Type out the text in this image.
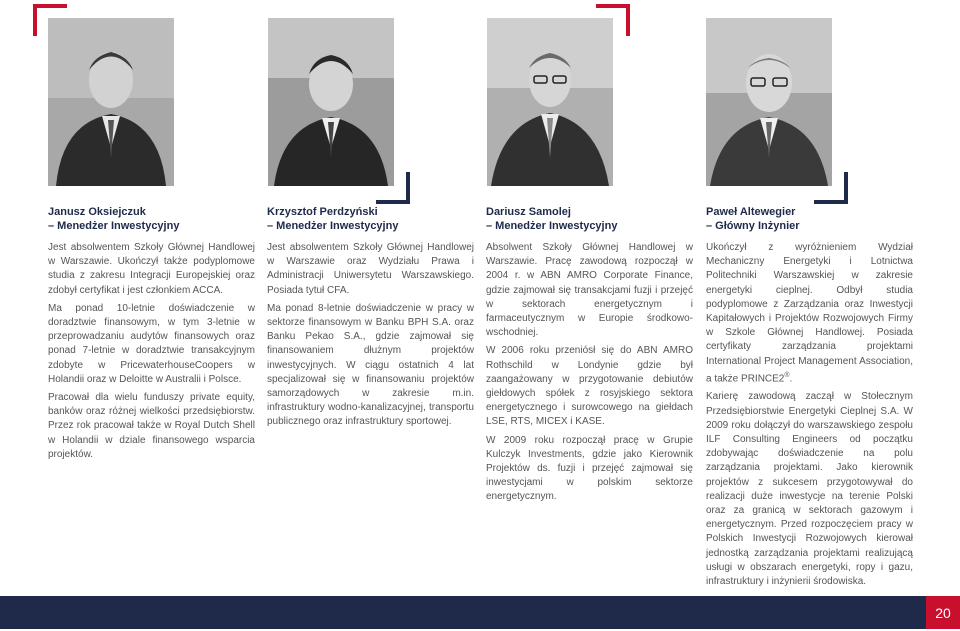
Janusz Oksiejczuk
– Menedżer Inwestycyjny
Krzysztof Perdzyński
– Menedżer Inwestycyjny
Dariusz Samolej
– Menedżer Inwestycyjny
Paweł Altewegier
– Główny Inżynier

Jest absolwentem Szkoły Głównej Handlowej w Warszawie. Ukończył także podyplomowe studia z zakresu Integracji Europejskiej oraz zdobył certyfikat i jest członkiem ACCA.

Ma ponad 10-letnie doświadczenie w doradztwie finansowym, w tym 3-letnie w przeprowadzaniu audytów finansowych oraz ponad 7-letnie w doradztwie transakcyjnym zdobyte w PricewaterhouseCoopers w Holandii oraz w Deloitte w Australii i Polsce.

Pracował dla wielu funduszy private equity, banków oraz różnej wielkości przedsiębiorstw. Przez rok pracował także w Royal Dutch Shell w Holandii w dziale finansowego wsparcia projektów.

Jest absolwentem Szkoły Głównej Handlowej w Warszawie oraz Wydziału Prawa i Administracji Uniwersytetu Warszawskiego. Posiada tytuł CFA.

Ma ponad 8-letnie doświadczenie w pracy w sektorze finansowym w Banku BPH S.A. oraz Banku Pekao S.A., gdzie zajmował się finansowaniem dłużnym projektów inwestycyjnych. W ciągu ostatnich 4 lat specjalizował się w finansowaniu projektów samorządowych w zakresie m.in. infrastruktury wodno-kanalizacyjnej, transportu publicznego oraz infrastruktury sportowej.

Absolwent Szkoły Głównej Handlowej w Warszawie. Pracę zawodową rozpoczął w 2004 r. w ABN AMRO Corporate Finance, gdzie zajmował się transakcjami fuzji i przejęć w sektorach energetycznym i farmaceutycznym w Europie środkowo-wschodniej.

W 2006 roku przeniósł się do ABN AMRO Rothschild w Londynie gdzie był zaangażowany w przygotowanie debiutów giełdowych spółek z rosyjskiego sektora energetycznego i surowcowego na giełdach LSE, RTS, MICEX i KASE.

W 2009 roku rozpoczął pracę w Grupie Kulczyk Investments, gdzie jako Kierownik Projektów ds. fuzji i przejęć zajmował się inwestycjami w polskim sektorze energetycznym.

Ukończył z wyróżnieniem Wydział Mechaniczny Energetyki i Lotnictwa Politechniki Warszawskiej w zakresie energetyki cieplnej. Odbył studia podyplomowe z Zarządzania oraz Inwestycji Kapitałowych i Projektów Rozwojowych Firmy w Szkole Głównej Handlowej. Posiada certyfikaty zarządzania projektami International Project Management Association, a także PRINCE2®.

Karierę zawodową zaczął w Stołecznym Przedsiębiorstwie Energetyki Cieplnej S.A. W 2009 roku dołączył do warszawskiego zespołu ILF Consulting Engineers od początku zdobywając doświadczenie na polu zarządzania projektami. Jako kierownik projektów z sukcesem przygotowywał do realizacji duże inwestycje na terenie Polski oraz za granicą w sektorach gazowym i energetycznym. Przed rozpoczęciem pracy w Polskich Inwestycji Rozwojowych kierował jednostką zarządzania projektami realizującą usługi w obszarach energetyki, ropy i gazu, infrastruktury i inżynierii środowiska.

20
